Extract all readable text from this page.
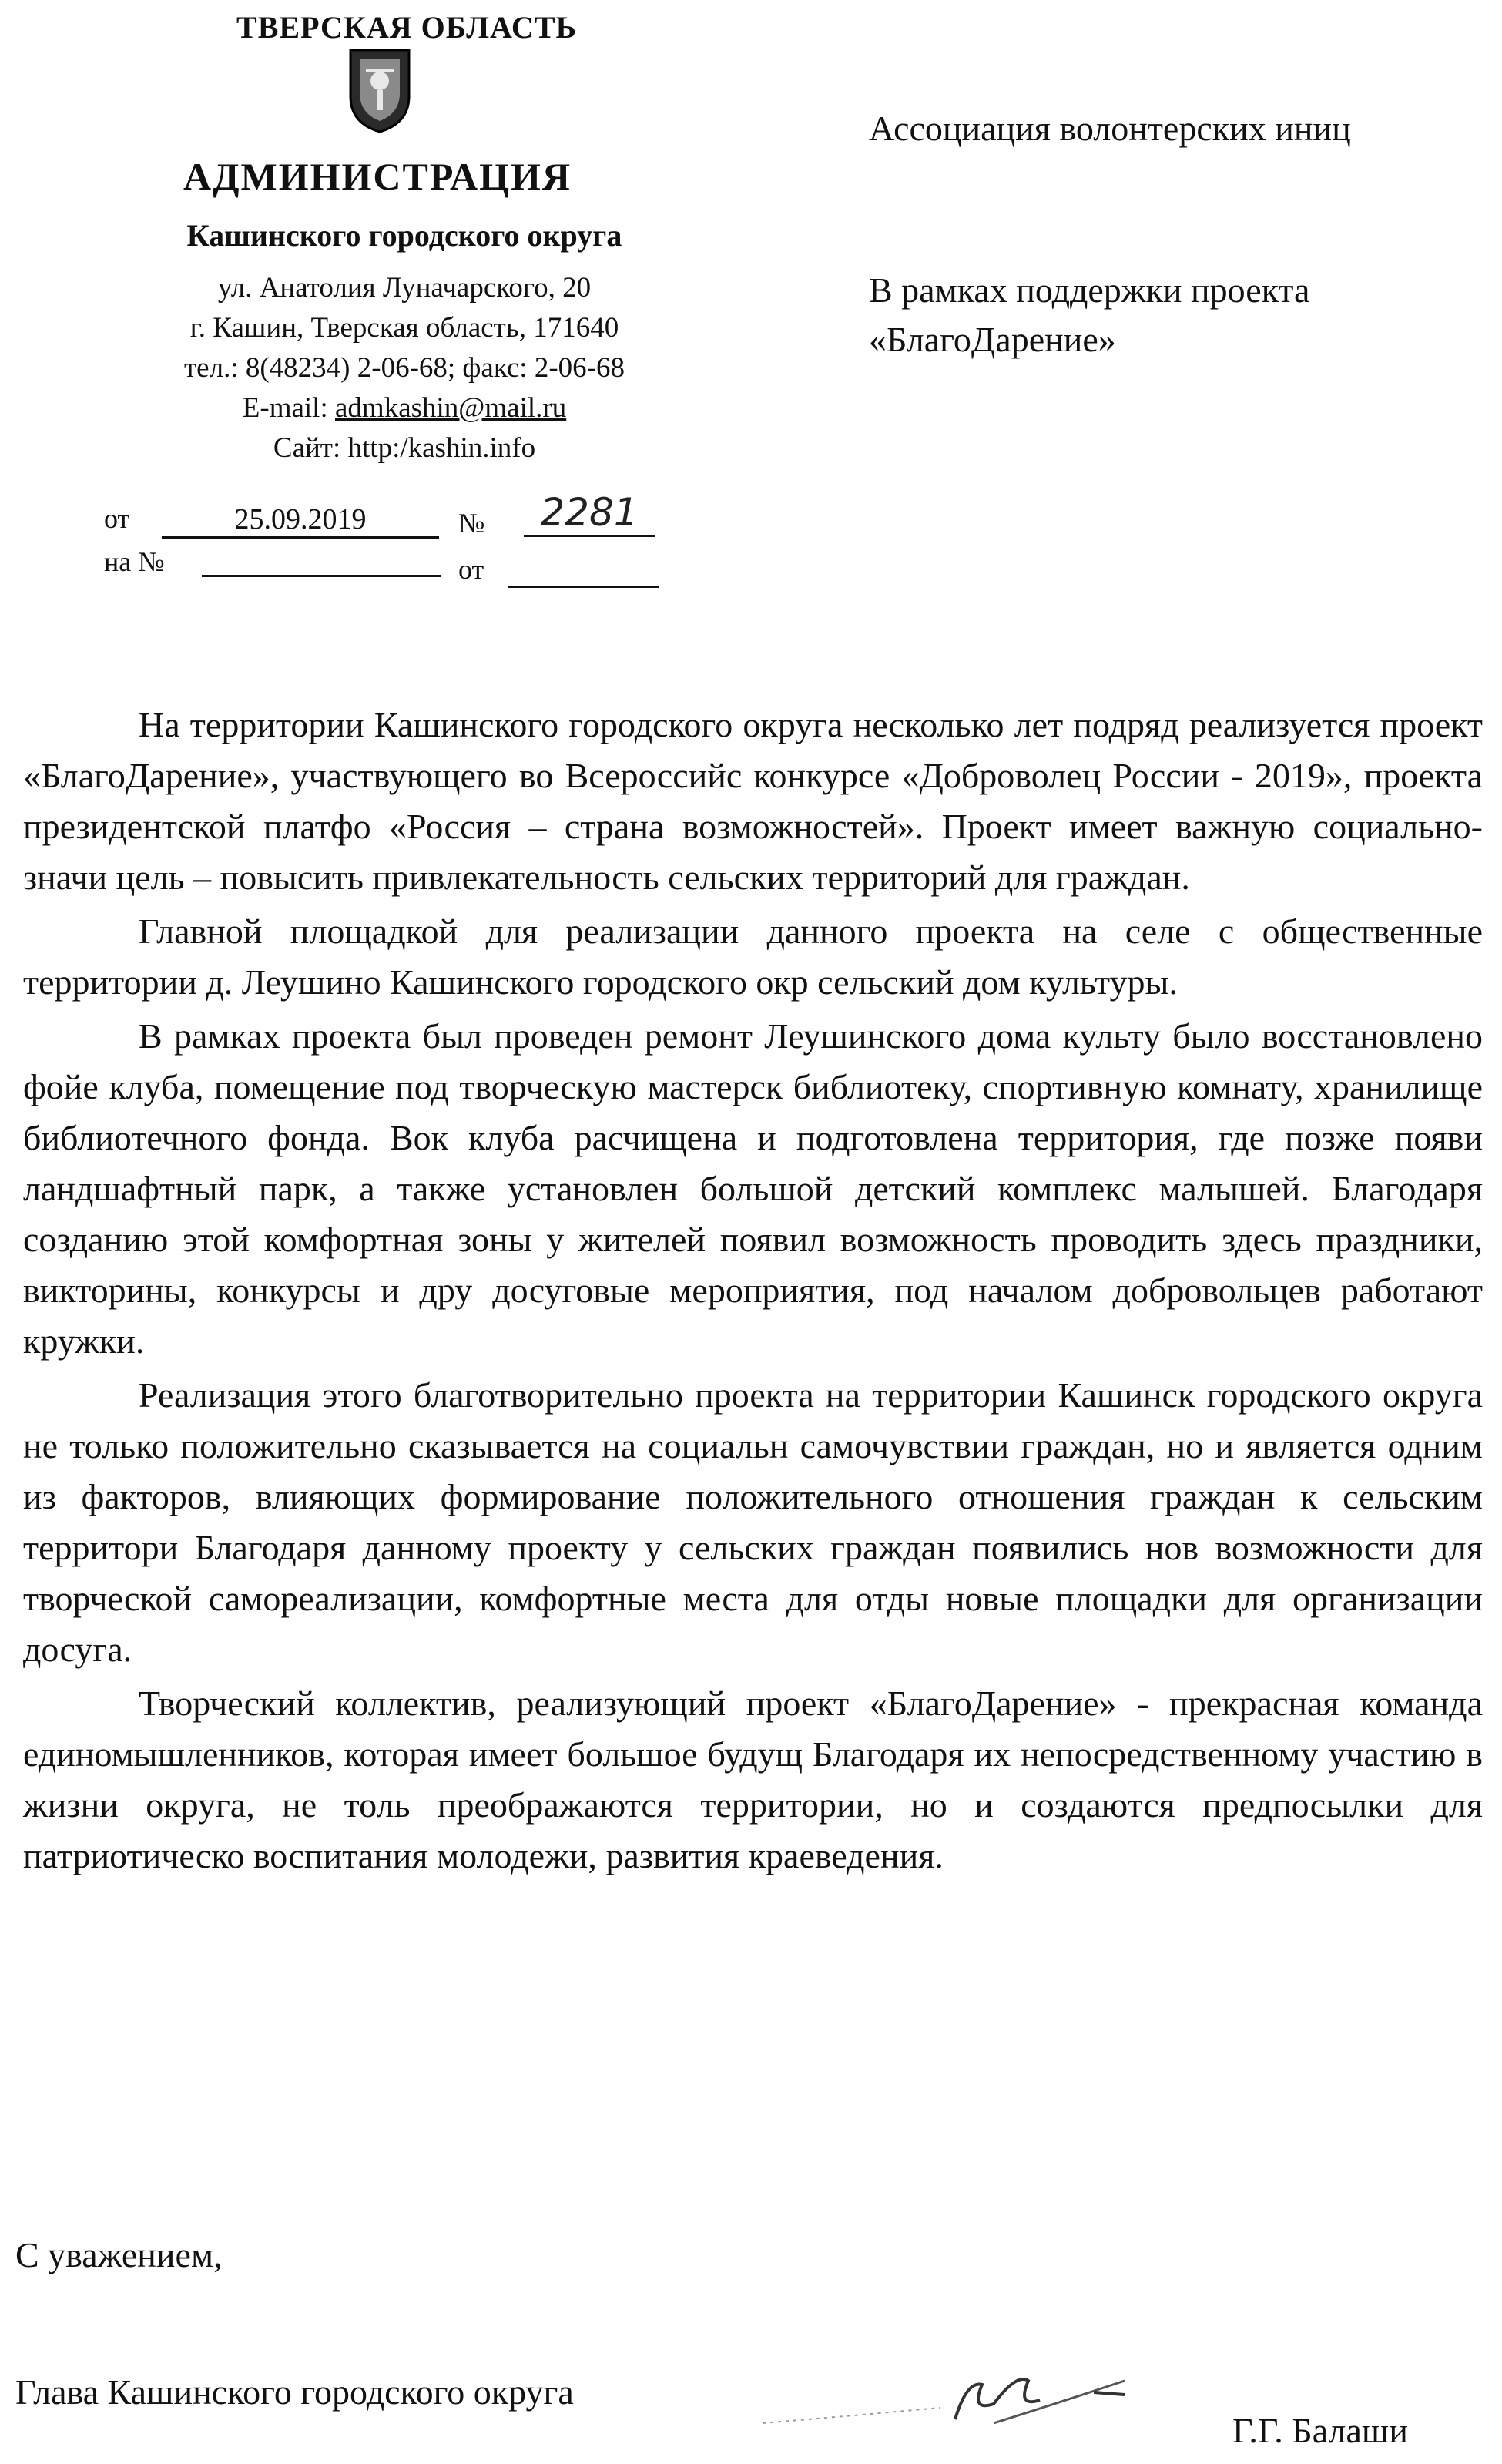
ТВЕРСКАЯ ОБЛАСТЬ
АДМИНИСТРАЦИЯ
Кашинского городского округа
ул. Анатолия Луначарского, 20
г. Кашин, Тверская область, 171640
тел.: 8(48234) 2-06-68; факс: 2-06-68
E-mail: admkashin@mail.ru
Сайт: http:/kashin.info
от	25.09.2019	№	2281
на №	от
Ассоциация волонтерских иниц
В рамках поддержки проекта «БлагоДарение»

На территории Кашинского городского округа несколько лет подряд реализуется проект «БлагоДарение», участвующего во Всероссийс конкурсе «Доброволец России - 2019», проекта президентской платфо «Россия – страна возможностей». Проект имеет важную социально-значи цель – повысить привлекательность сельских территорий для граждан.

Главной площадкой для реализации данного проекта на селе с общественные территории д. Леушино Кашинского городского окр сельский дом культуры.

В рамках проекта был проведен ремонт Леушинского дома культу было восстановлено фойе клуба, помещение под творческую мастерск библиотеку, спортивную комнату, хранилище библиотечного фонда. Вок клуба расчищена и подготовлена территория, где позже появи ландшафтный парк, а также установлен большой детский комплекс малышей. Благодаря созданию этой комфортная зоны у жителей появил возможность проводить здесь праздники, викторины, конкурсы и дру досуговые мероприятия, под началом добровольцев работают кружки.

Реализация этого благотворительно проекта на территории Кашинск городского округа не только положительно сказывается на социальн самочувствии граждан, но и является одним из факторов, влияющих формирование положительного отношения граждан к сельским территори Благодаря данному проекту у сельских граждан появились нов возможности для творческой самореализации, комфортные места для отды новые площадки для организации досуга.

Творческий коллектив, реализующий проект «БлагоДарение» - прекрасная команда единомышленников, которая имеет большое будущ Благодаря их непосредственному участию в жизни округа, не толь преображаются территории, но и создаются предпосылки для патриотическо воспитания молодежи, развития краеведения.

С уважением,
Глава Кашинского городского округа
Г.Г. Балаши
